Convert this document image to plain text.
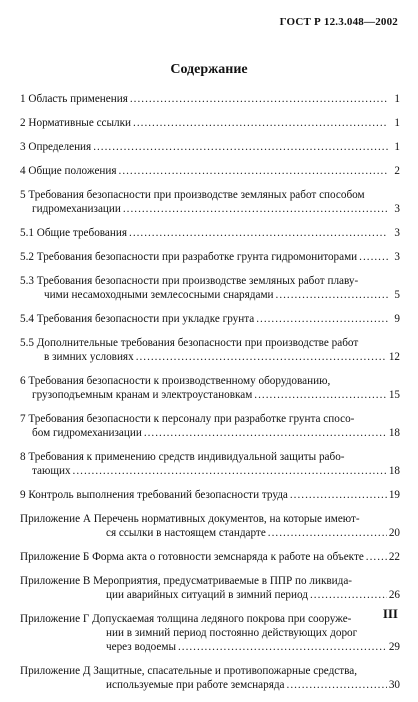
ГОСТ Р 12.3.048—2002
Содержание
1 Область применения .....	1
2 Нормативные ссылки .....	1
3 Определения .....	1
4 Общие положения .....	2
5 Требования безопасности при производстве земляных работ способом
гидромеханизации .....	3
5.1 Общие требования .....	3
5.2 Требования безопасности при разработке грунта гидромониторами .....	3
5.3 Требования безопасности при производстве земляных работ плаву-
чими несамоходными землесосными снарядами .....	5
5.4 Требования безопасности при укладке грунта .....	9
5.5 Дополнительные требования безопасности при производстве работ
в зимних условиях .....	12
6 Требования безопасности к производственному оборудованию,
грузоподъемным кранам и электроустановкам .....	15
7 Требования безопасности к персоналу при разработке грунта спосо-
бом гидромеханизации .....	18
8 Требования к применению средств индивидуальной защиты рабо-
тающих .....	18
9 Контроль выполнения требований безопасности труда .....	19
Приложение А Перечень нормативных документов, на которые имеют-
ся ссылки в настоящем стандарте .....	20
Приложение Б Форма акта о готовности земснаряда к работе на объекте ..... 22
Приложение В Мероприятия, предусматриваемые в ППР по ликвида-
ции аварийных ситуаций в зимний период .....	26
Приложение Г Допускаемая толщина ледяного покрова при сооруже-
нии в зимний период постоянно действующих дорог
через водоемы .....	29
Приложение Д Защитные, спасательные и противопожарные средства,
используемые при работе земснаряда .....	30
III
